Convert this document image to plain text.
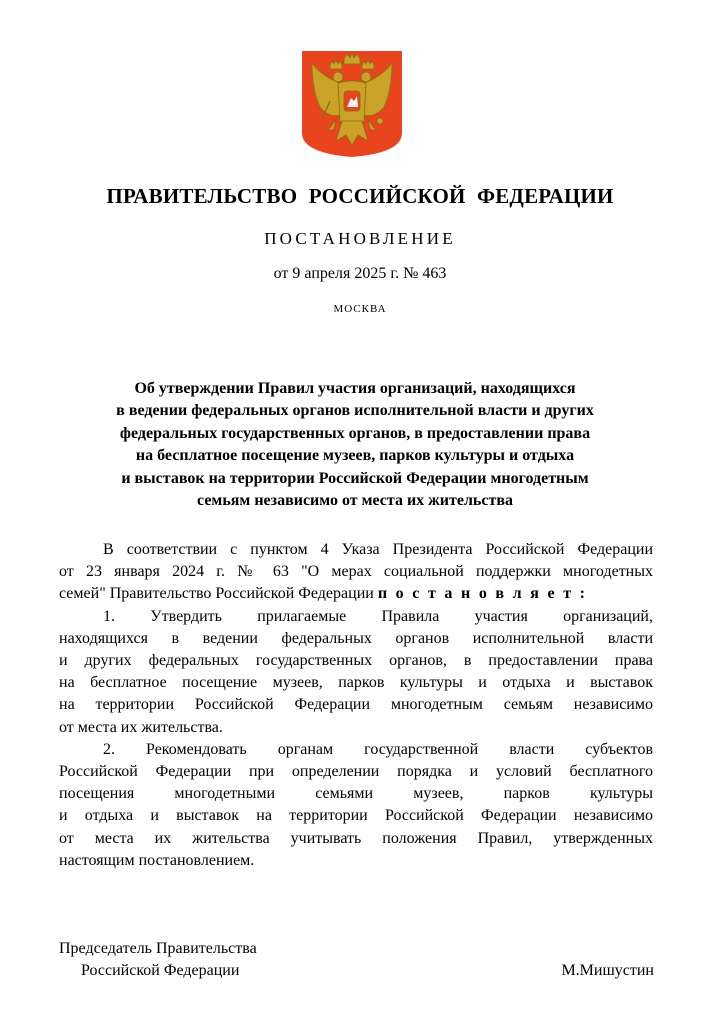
ПРАВИТЕЛЬСТВО РОССИЙСКОЙ ФЕДЕРАЦИИ
ПОСТАНОВЛЕНИЕ
от 9 апреля 2025 г. № 463
МОСКВА
Об утверждении Правил участия организаций, находящихся
в ведении федеральных органов исполнительной власти и других
федеральных государственных органов, в предоставлении права
на бесплатное посещение музеев, парков культуры и отдыха
и выставок на территории Российской Федерации многодетным
семьям независимо от места их жительства
В соответствии с пунктом 4 Указа Президента Российской Федерации
от 23 января 2024 г. № 63 "О мерах социальной поддержки многодетных
семей" Правительство Российской Федерации п о с т а н о в л я е т :
1. Утвердить прилагаемые Правила участия организаций,
находящихся в ведении федеральных органов исполнительной власти
и других федеральных государственных органов, в предоставлении права
на бесплатное посещение музеев, парков культуры и отдыха и выставок
на территории Российской Федерации многодетным семьям независимо
от места их жительства.
2. Рекомендовать органам государственной власти субъектов
Российской Федерации при определении порядка и условий бесплатного
посещения многодетными семьями музеев, парков культуры
и отдыха и выставок на территории Российской Федерации независимо
от места их жительства учитывать положения Правил, утвержденных
настоящим постановлением.
Председатель Правительства
Российской Федерации	М.Мишустин
